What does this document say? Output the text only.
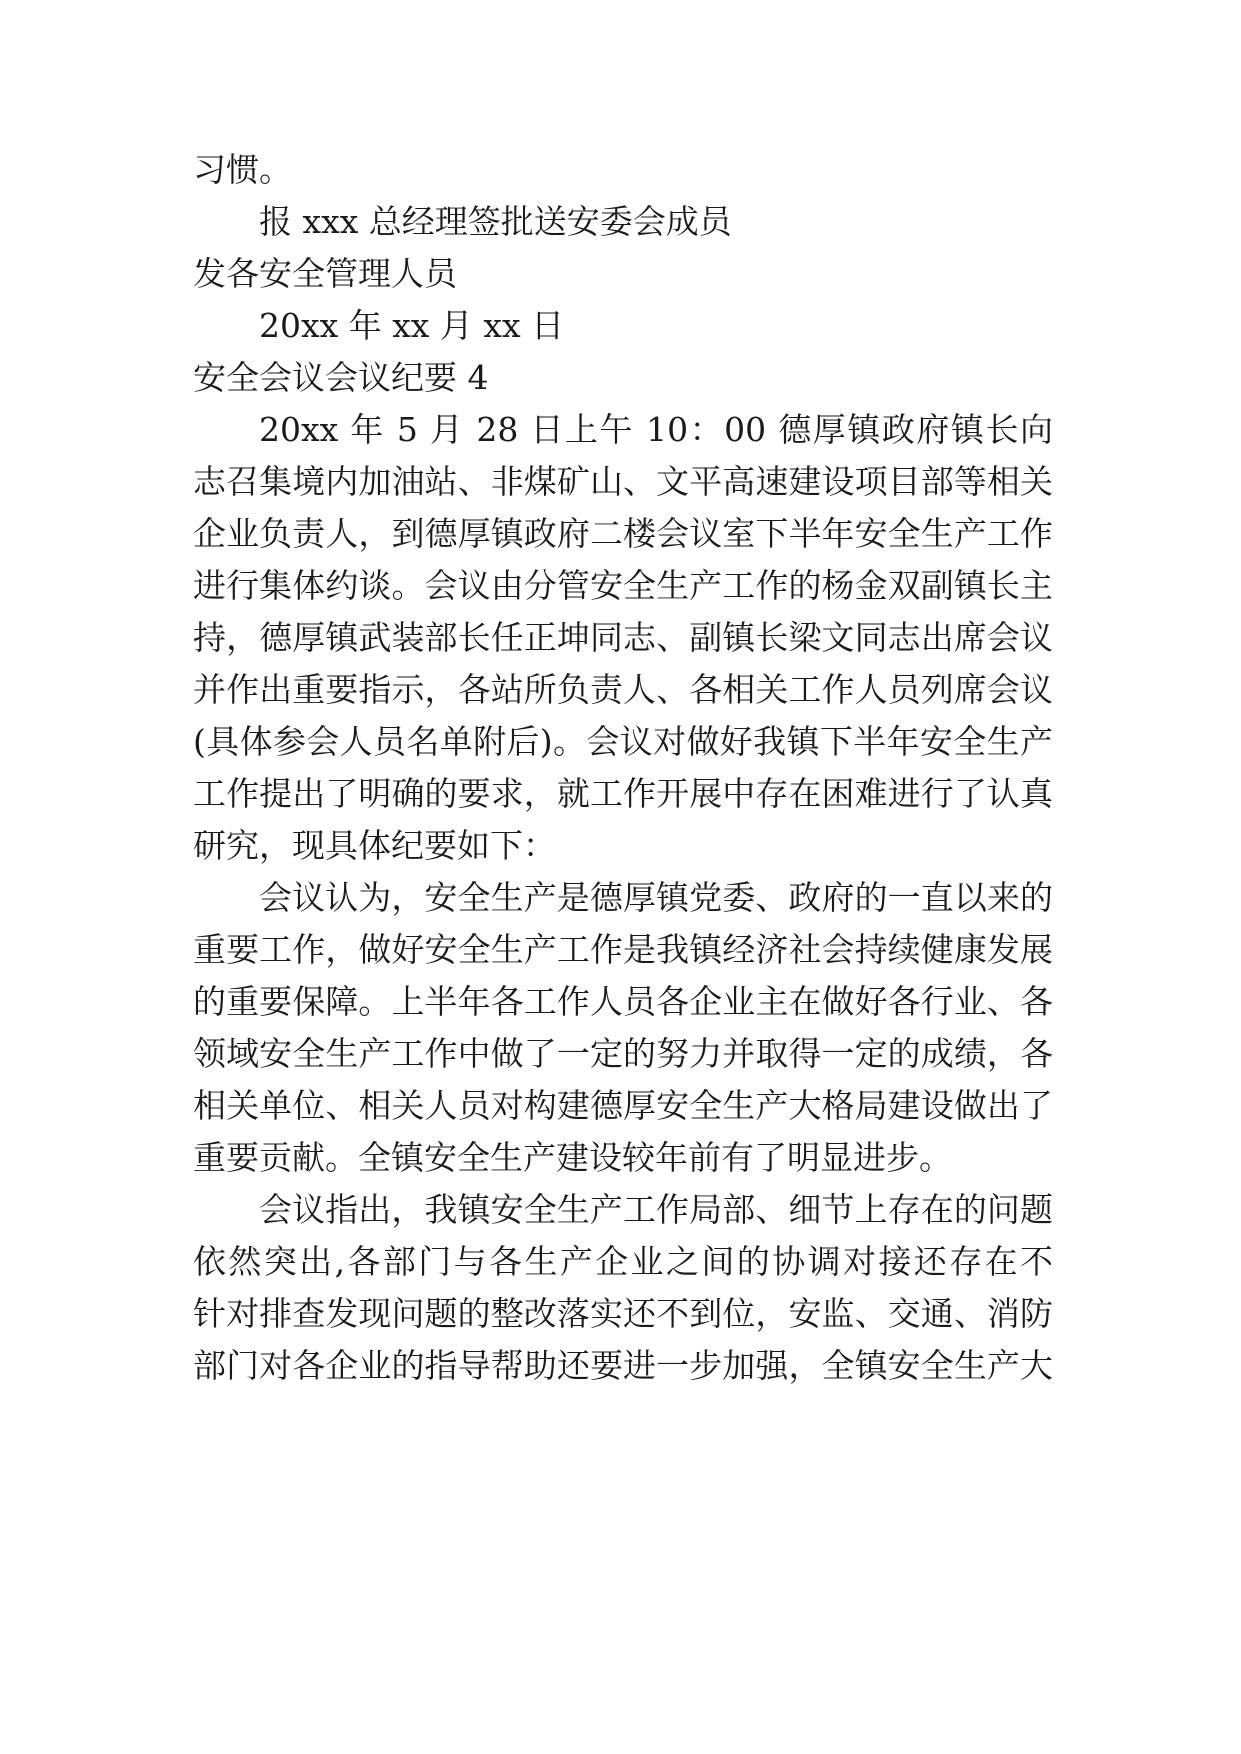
习惯。
报 xxx 总经理签批送安委会成员
发各安全管理人员
20xx 年 xx 月 xx 日
安全会议会议纪要 4
20xx 年 5 月 28 日上午 10：00 德厚镇政府镇长向
志召集境内加油站、非煤矿山、文平高速建设项目部等相关
企业负责人，到德厚镇政府二楼会议室下半年安全生产工作
进行集体约谈。会议由分管安全生产工作的杨金双副镇长主
持，德厚镇武装部长任正坤同志、副镇长梁文同志出席会议
并作出重要指示，各站所负责人、各相关工作人员列席会议
(具体参会人员名单附后)。会议对做好我镇下半年安全生产
工作提出了明确的要求，就工作开展中存在困难进行了认真
研究，现具体纪要如下：
会议认为，安全生产是德厚镇党委、政府的一直以来的
重要工作，做好安全生产工作是我镇经济社会持续健康发展
的重要保障。上半年各工作人员各企业主在做好各行业、各
领域安全生产工作中做了一定的努力并取得一定的成绩，各
相关单位、相关人员对构建德厚安全生产大格局建设做出了
重要贡献。全镇安全生产建设较年前有了明显进步。
会议指出，我镇安全生产工作局部、细节上存在的问题
依然突出,各部门与各生产企业之间的协调对接还存在不
针对排查发现问题的整改落实还不到位，安监、交通、消防
部门对各企业的指导帮助还要进一步加强，全镇安全生产大
